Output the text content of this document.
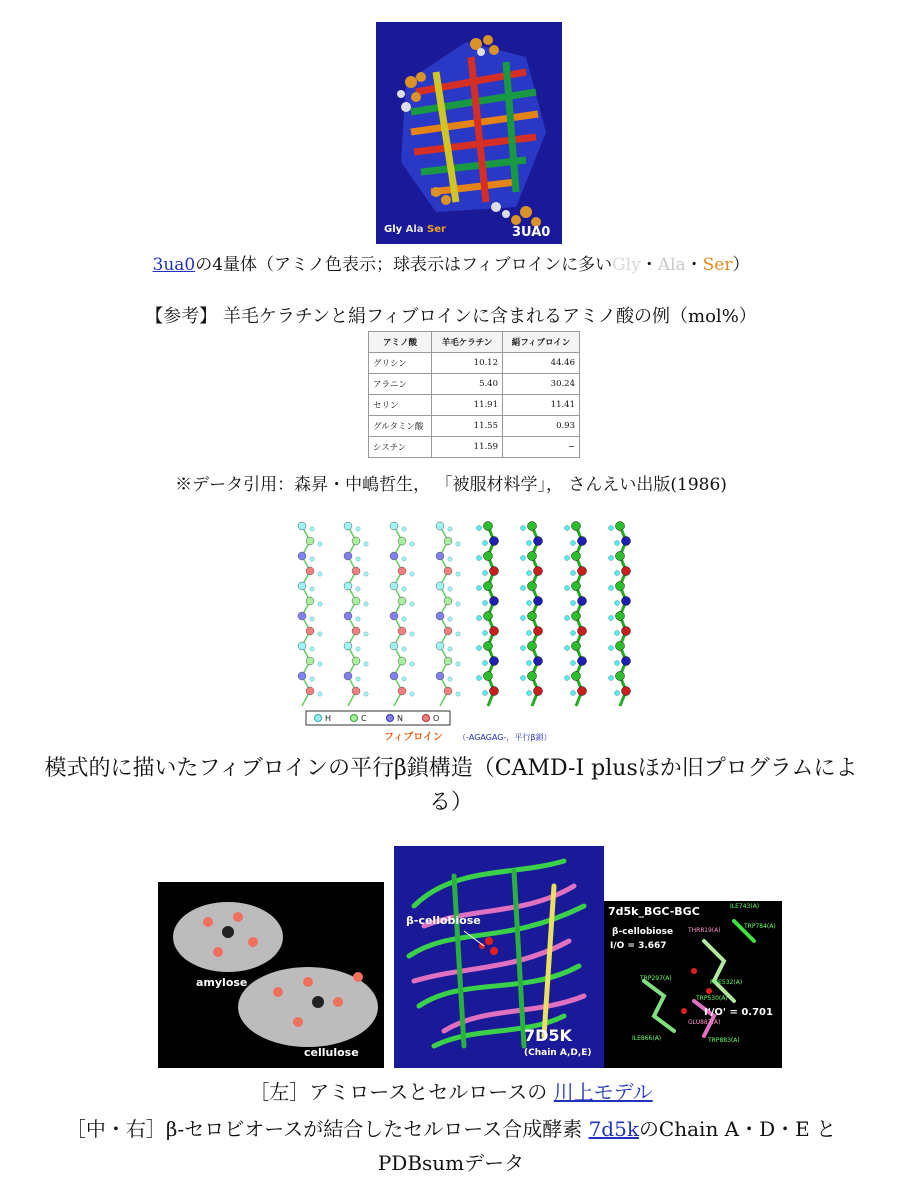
Gly Ala Ser	3UA0
3ua0の4量体（アミノ色表示；球表示はフィブロインに多いGly・Ala・Ser）
【参考】 羊毛ケラチンと絹フィブロインに含まれるアミノ酸の例（mol%）
アミノ酸	羊毛ケラチン	絹フィブロイン
グリシン	10.12	44.46
アラニン	5.40	30.24
セリン	11.91	11.41
グルタミン酸	11.55	0.93
シスチン	11.59	−
※データ引用：森昇・中嶋哲生， 「被服材料学」， さんえい出版(1986)
H	C	N	O
フィブロイン （-AGAGAG-，平行β鎖）
模式的に描いたフィブロインの平行β鎖構造（CAMD-I plusほか旧プログラムによる）
amylose
cellulose
β-cellobiose
7D5K
(Chain A,D,E)
7d5k_BGC-BGC
β-cellobiose
I/O = 3.667
I'/O' = 0.701
ILE743(A)
TRP784(A)
THR819(A)
PHE532(A)
TRP297(A)
TRP530(A)
GLU887(A)
ILE866(A)	TRP883(A)
［左］アミロースとセルロースの 川上モデル
［中・右］β-セロビオースが結合したセルロース合成酵素 7d5kのChain A・D・E とPDBsumデータ
